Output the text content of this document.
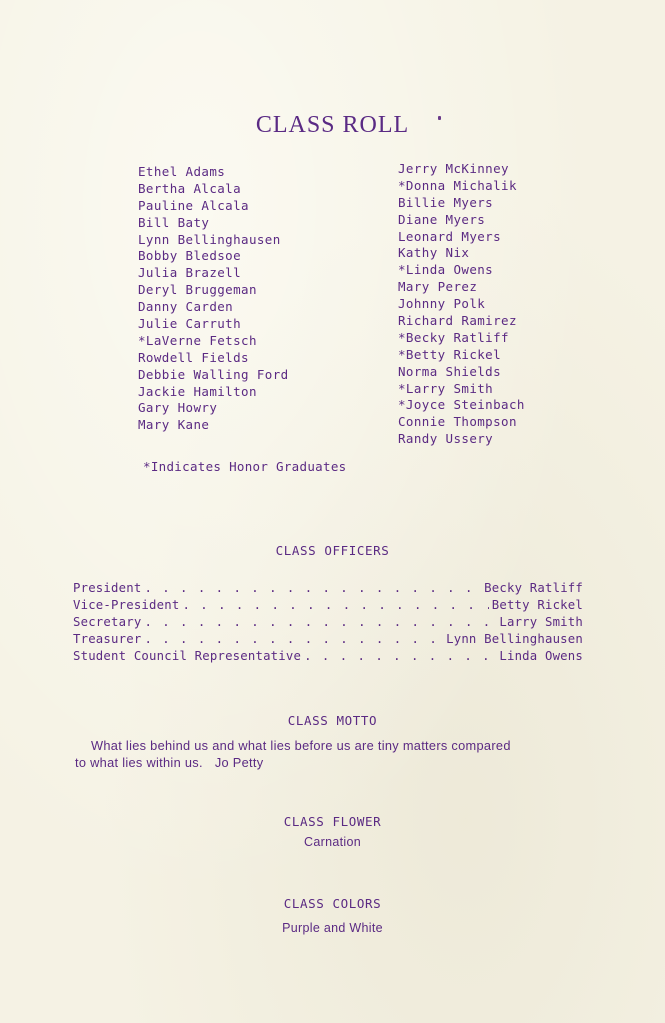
CLASS ROLL
Ethel Adams
Bertha Alcala
Pauline Alcala
Bill Baty
Lynn Bellinghausen
Bobby Bledsoe
Julia Brazell
Deryl Bruggeman
Danny Carden
Julie Carruth
*LaVerne Fetsch
Rowdell Fields
Debbie Walling Ford
Jackie Hamilton
Gary Howry
Mary Kane
Jerry McKinney
*Donna Michalik
Billie Myers
Diane Myers
Leonard Myers
Kathy Nix
*Linda Owens
Mary Perez
Johnny Polk
Richard Ramirez
*Becky Ratliff
*Betty Rickel
Norma Shields
*Larry Smith
*Joyce Steinbach
Connie Thompson
Randy Ussery
*Indicates Honor Graduates
CLASS OFFICERS
President . . .	Becky Ratliff
Vice-President . . .	Betty Rickel
Secretary . . .	Larry Smith
Treasurer . . .	Lynn Bellinghausen
Student Council Representative . . .	Linda Owens
CLASS MOTTO
What lies behind us and what lies before us are tiny matters compared
to what lies within us. Jo Petty
CLASS FLOWER
Carnation
CLASS COLORS
Purple and White
